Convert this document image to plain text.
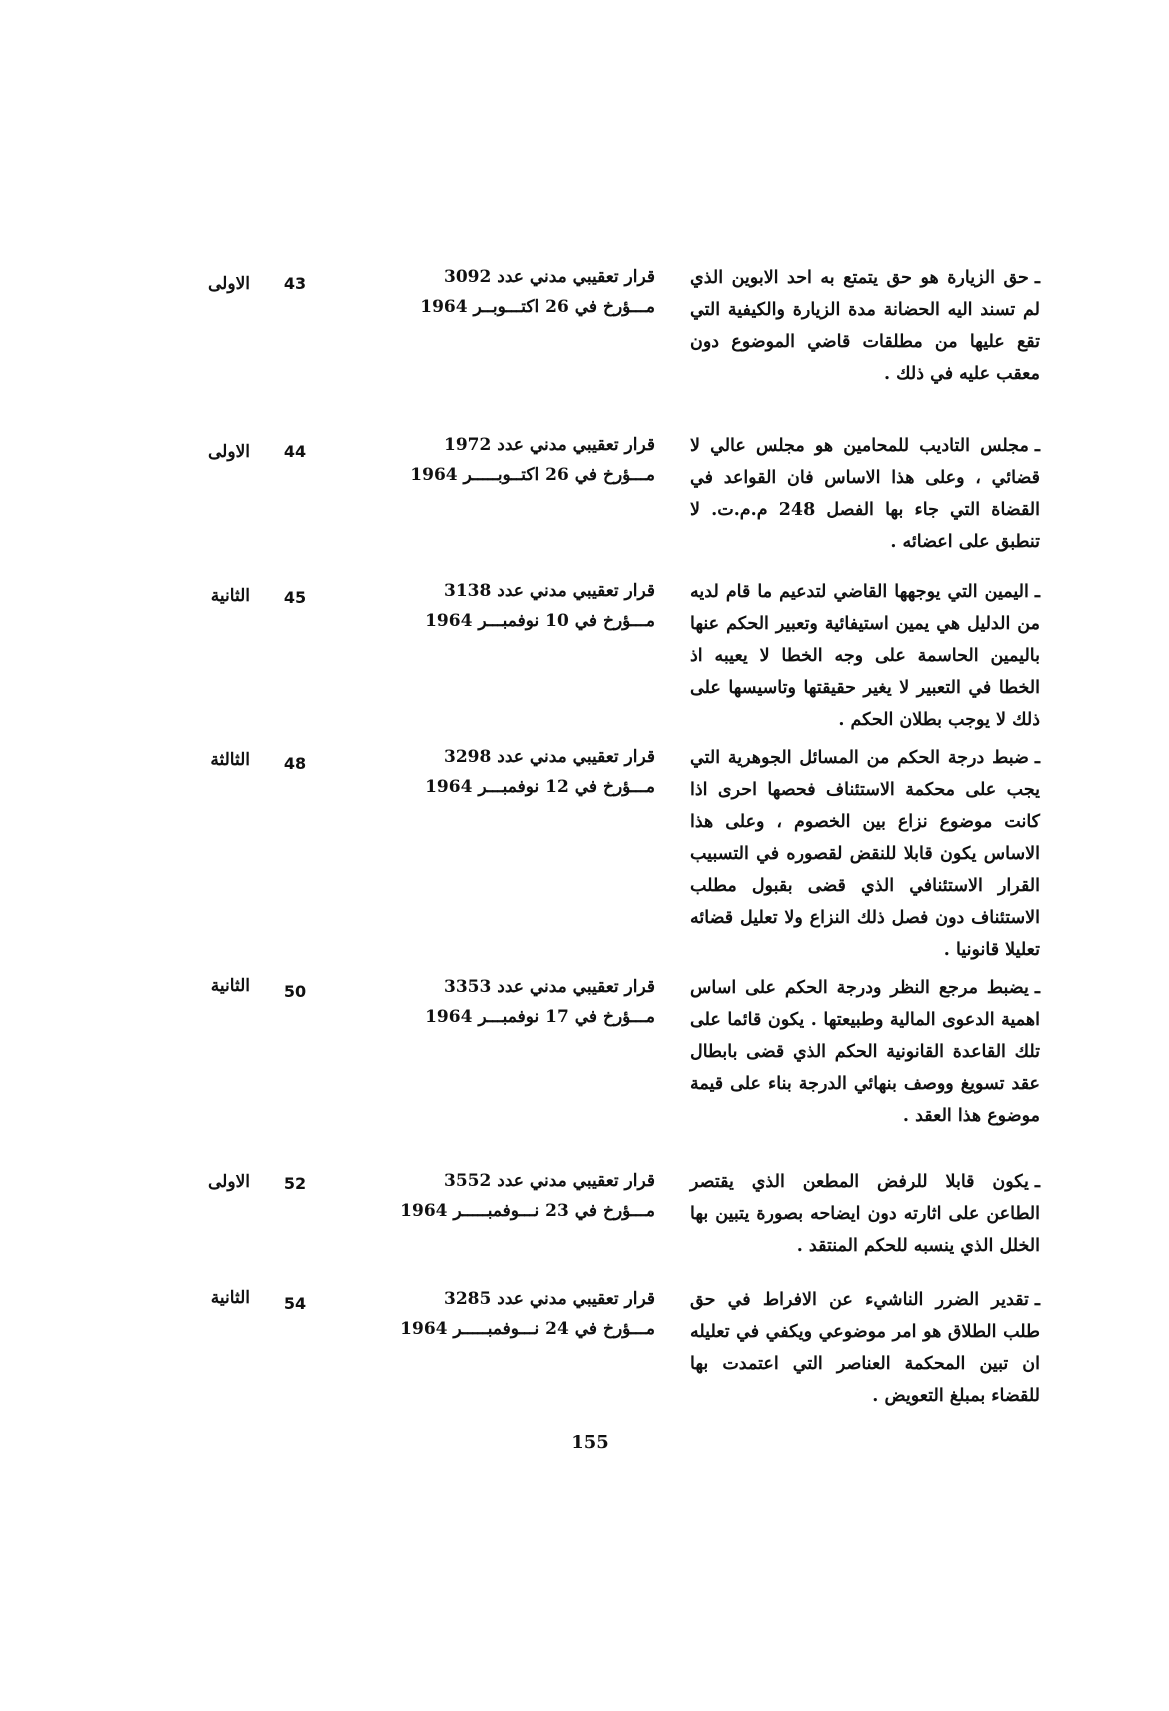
ـحق الزيارة هو حق يتمتع به احد الابوين الذي لم تسند اليه الحضانة مدة الزيارة والكيفية التي تقع عليها من مطلقات قاضي الموضوع دون معقب عليه في ذلك .
قرار تعقيبي مدني عدد 3092
مـــؤرخ في 26 اكتـــوبــر 1964
43
الاولى
ـمجلس التاديب للمحامين هو مجلس عالي لا قضائي ، وعلى هذا الاساس فان القواعد في القضاة التي جاء بها الفصل 248 م.م.ت. لا تنطبق على اعضائه .
قرار تعقيبي مدني عدد 1972
مـــؤرخ في 26 اكتــوبـــــر 1964
44
الاولى
ـاليمين التي يوجهها القاضي لتدعيم ما قام لديه من الدليل هي يمين استيفائية وتعبير الحكم عنها باليمين الحاسمة على وجه الخطا لا يعيبه اذ الخطا في التعبير لا يغير حقيقتها وتاسيسها على ذلك لا يوجب بطلان الحكم .
قرار تعقيبي مدني عدد 3138
مـــؤرخ في 10 نوفمبـــر 1964
45
الثانية
ـضبط درجة الحكم من المسائل الجوهرية التي يجب على محكمة الاستئناف فحصها احرى اذا كانت موضوع نزاع بين الخصوم ، وعلى هذا الاساس يكون قابلا للنقض لقصوره في التسبيب القرار الاستئنافي الذي قضى بقبول مطلب الاستئناف دون فصل ذلك النزاع ولا تعليل قضائه تعليلا قانونيا .
قرار تعقيبي مدني عدد 3298
مـــؤرخ في 12 نوفمبـــر 1964
48
الثالثة
ـيضبط مرجع النظر ودرجة الحكم على اساس اهمية الدعوى المالية وطبيعتها . يكون قائما على تلك القاعدة القانونية الحكم الذي قضى بابطال عقد تسويغ ووصف بنهائي الدرجة بناء على قيمة موضوع هذا العقد .
قرار تعقيبي مدني عدد 3353
مـــؤرخ في 17 نوفمبـــر 1964
50
الثانية
ـيكون قابلا للرفض المطعن الذي يقتصر الطاعن على اثارته دون ايضاحه بصورة يتبين بها الخلل الذي ينسبه للحكم المنتقد .
قرار تعقيبي مدني عدد 3552
مـــؤرخ في 23 نـــوفمبـــــر 1964
52
الاولى
ـتقدير الضرر الناشيء عن الافراط في حق طلب الطلاق هو امر موضوعي ويكفي في تعليله ان تبين المحكمة العناصر التي اعتمدت بها للقضاء بمبلغ التعويض .
قرار تعقيبي مدني عدد 3285
مـــؤرخ في 24 نـــوفمبـــــر 1964
54
الثانية
155
